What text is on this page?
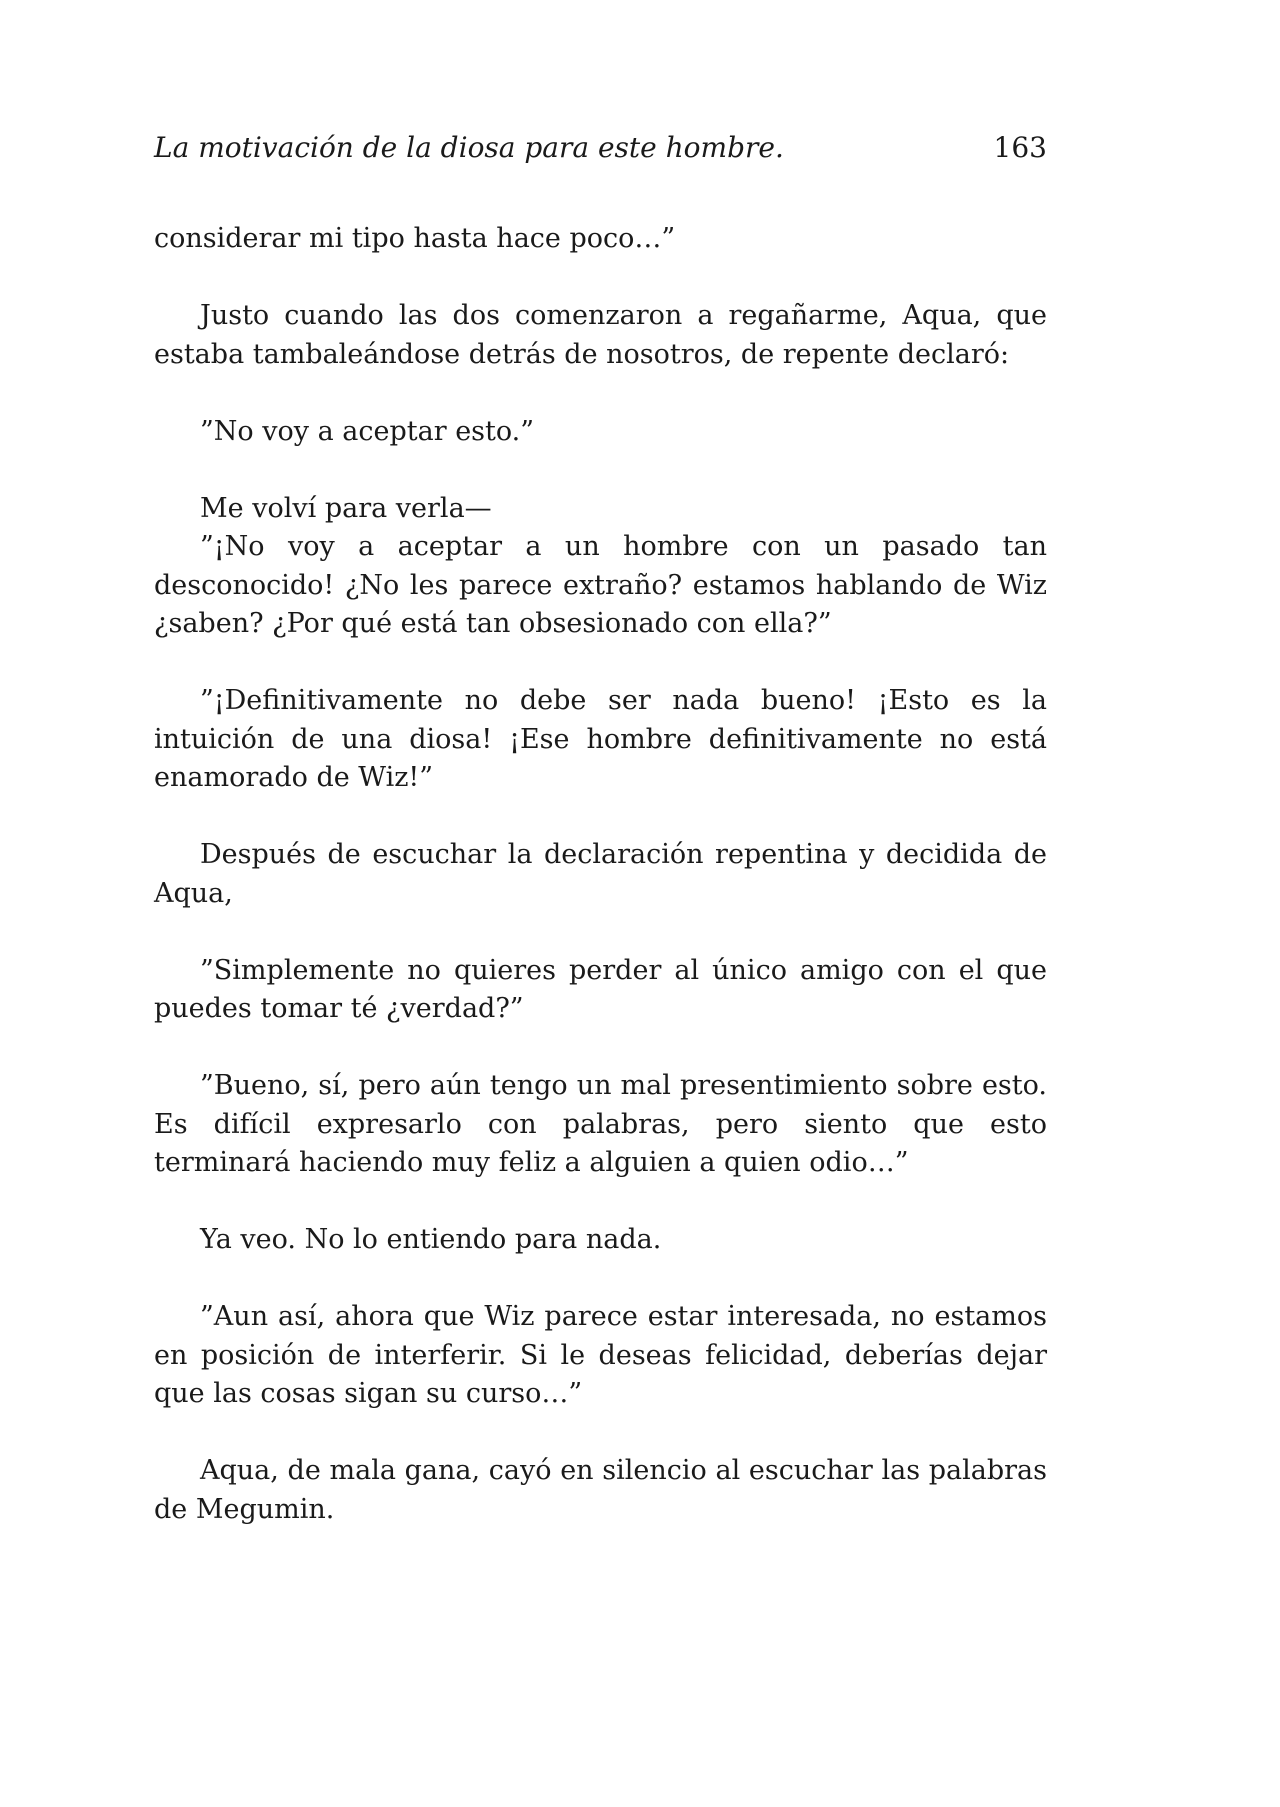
La motivación de la diosa para este hombre.	163

considerar mi tipo hasta hace poco…”

Justo cuando las dos comenzaron a regañarme, Aqua, que estaba tambaleándose detrás de nosotros, de repente declaró:

”No voy a aceptar esto.”

Me volví para verla—

”¡No voy a aceptar a un hombre con un pasado tan desconocido! ¿No les parece extraño? estamos hablando de Wiz ¿saben? ¿Por qué está tan obsesionado con ella?”

”¡Definitivamente no debe ser nada bueno! ¡Esto es la intuición de una diosa! ¡Ese hombre definitivamente no está enamorado de Wiz!”

Después de escuchar la declaración repentina y decidida de Aqua,

”Simplemente no quieres perder al único amigo con el que puedes tomar té ¿verdad?”

”Bueno, sí, pero aún tengo un mal presentimiento sobre esto. Es difícil expresarlo con palabras, pero siento que esto terminará haciendo muy feliz a alguien a quien odio…”

Ya veo. No lo entiendo para nada.

”Aun así, ahora que Wiz parece estar interesada, no estamos en posición de interferir. Si le deseas felicidad, deberías dejar que las cosas sigan su curso…”

Aqua, de mala gana, cayó en silencio al escuchar las palabras de Megumin.
